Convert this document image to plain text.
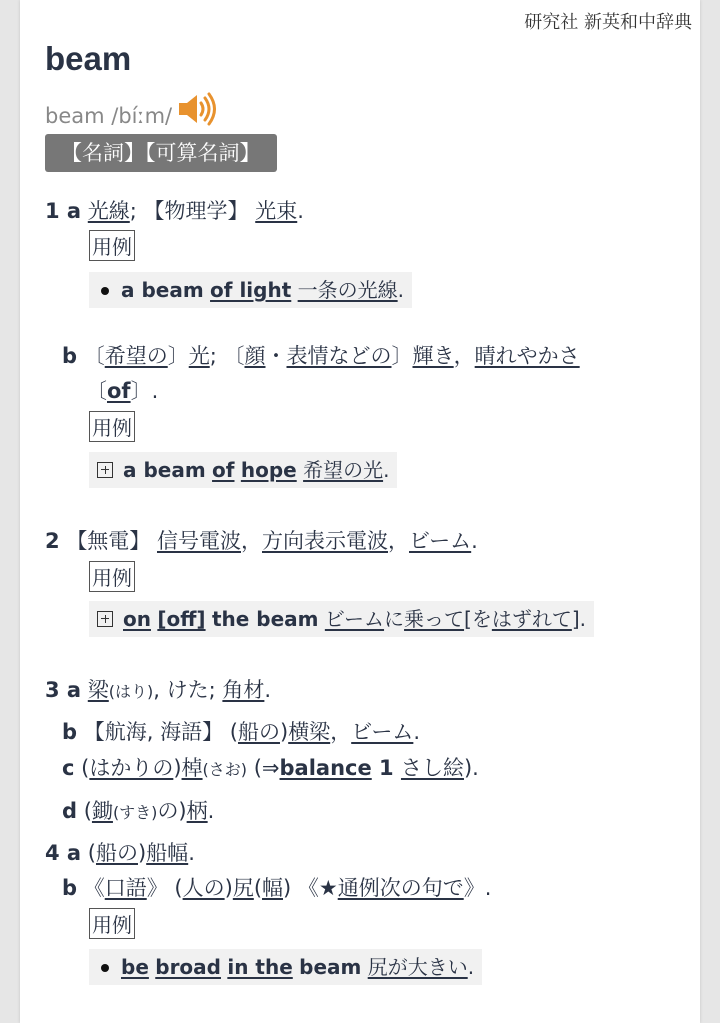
研究社 新英和中辞典
beam
beam /bíːm/
【名詞】【可算名詞】
1 a 光線; 【物理学】 光束.
用例
a beam of light 一条の光線.
b 〔希望の〕光; 〔顔・表情などの〕輝き，晴れやかさ
〔of〕.
用例
a beam of hope 希望の光.
2 【無電】 信号電波，方向表示電波，ビーム.
用例
on [off] the beam ビームに乗って[をはずれて].
3 a 梁(はり), けた; 角材.
b 【航海, 海語】 (船の)横梁，ビーム.
c (はかりの)棹(さお) (⇒balance 1 さし絵).
d (鋤(すき)の)柄.
4 a (船の)船幅.
b 《口語》 (人の)尻(幅) 《★通例次の句で》.
用例
be broad in the beam 尻が大きい.
